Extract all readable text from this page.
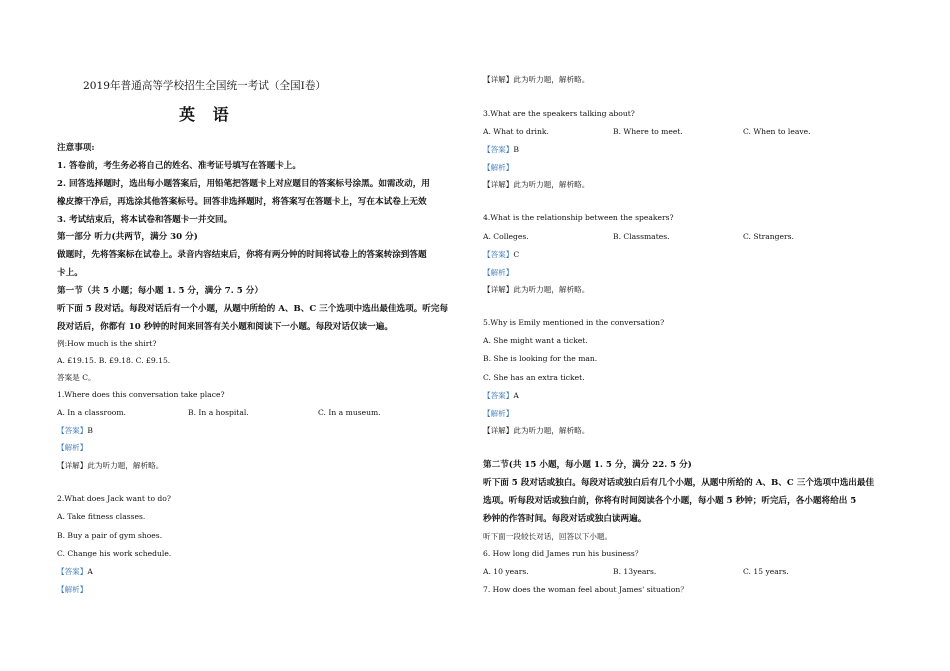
2019年普通高等学校招生全国统一考试（全国Ⅰ卷）
英 语
注意事项:
1. 答卷前，考生务必将自己的姓名、准考证号填写在答题卡上。
2. 回答选择题时，选出每小题答案后，用铅笔把答题卡上对应题目的答案标号涂黑。如需改动，用
橡皮擦干净后，再选涂其他答案标号。回答非选择题时，将答案写在答题卡上，写在本试卷上无效
3. 考试结束后，将本试卷和答题卡一并交回。
第一部分 听力(共两节，满分 30 分)
做题时，先将答案标在试卷上。录音内容结束后，你将有两分钟的时间将试卷上的答案转涂到答题
卡上。
第一节（共 5 小题；每小题 1. 5 分，满分 7. 5 分）
听下面 5 段对话。每段对话后有一个小题，从题中所给的 A、B、C 三个选项中选出最佳选项。听完每
段对话后，你都有 10 秒钟的时间来回答有关小题和阅读下一小题。每段对话仅读一遍。
例:How much is the shirt?
A. £19.15. B. £9.18. C. £9.15.
答案是 C。
1.Where does this conversation take place?
A. In a classroom.	B. In a hospital.	C. In a museum.
【答案】B
【解析】
【详解】此为听力题，解析略。
2.What does Jack want to do?
A. Take fitness classes.
B. Buy a pair of gym shoes.
C. Change his work schedule.
【答案】A
【解析】
【详解】此为听力题，解析略。
3.What are the speakers talking about?
A. What to drink.	B. Where to meet.	C. When to leave.
【答案】B
【解析】
【详解】此为听力题，解析略。
4.What is the relationship between the speakers?
A. Colleges.	B. Classmates.	C. Strangers.
【答案】C
【解析】
【详解】此为听力题，解析略。
5.Why is Emily mentioned in the conversation?
A. She might want a ticket.
B. She is looking for the man.
C. She has an extra ticket.
【答案】A
【解析】
【详解】此为听力题，解析略。
第二节(共 15 小题，每小题 1. 5 分，满分 22. 5 分)
听下面 5 段对话或独白。每段对话或独白后有几个小题，从题中所给的 A、B、C 三个选项中选出最佳
选项。听每段对话或独白前，你将有时间阅读各个小题，每小题 5 秒钟；听完后，各小题将给出 5
秒钟的作答时间。每段对话或独白读两遍。
听下面一段较长对话，回答以下小题。
6. How long did James run his business？
A. 10 years.	B. 13years.	C. 15 years.
7. How does the woman feel about James' situation？
